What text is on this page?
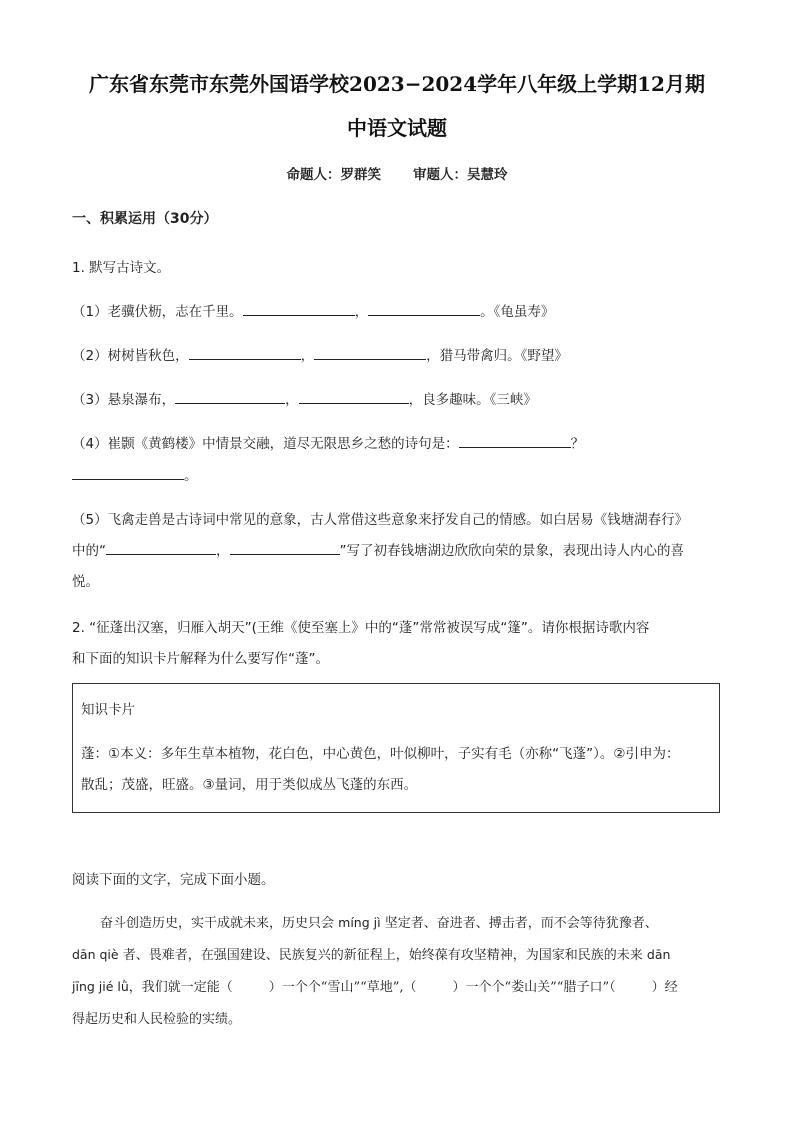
广东省东莞市东莞外国语学校2023−2024学年八年级上学期12月期
中语文试题
命题人：罗群笑 审题人：吴慧玲
一、积累运用（30分）
1. 默写古诗文。
（1）老骥伏枥，志在千里。	，	。《龟虽寿》
（2）树树皆秋色，	，	，猎马带禽归。《野望》
（3）悬泉瀑布，	，	，良多趣味。《三峡》
（4）崔颢《黄鹤楼》中情景交融，道尽无限思乡之愁的诗句是：	？
。
（5）飞禽走兽是古诗词中常见的意象，古人常借这些意象来抒发自己的情感。如白居易《钱塘湖春行》
中的“	，	”写了初春钱塘湖边欣欣向荣的景象，表现出诗人内心的喜
悦。
2. “征蓬出汉塞，归雁入胡天”(王维《使至塞上》中的“蓬”常常被误写成“篷”。请你根据诗歌内容
和下面的知识卡片解释为什么要写作“蓬”。
知识卡片
蓬：①本义：多年生草本植物，花白色，中心黄色，叶似柳叶，子实有毛（亦称“飞蓬”）。②引申为：
散乱；茂盛，旺盛。③量词，用于类似成丛飞蓬的东西。
阅读下面的文字，完成下面小题。
奋斗创造历史，实干成就未来，历史只会 míng jì 坚定者、奋进者、搏击者，而不会等待犹豫者、
dān qiè 者、畏难者，在强国建设、民族复兴的新征程上，始终葆有攻坚精神，为国家和民族的未来 dān
jīng jié lǜ，我们就一定能（	）一个个“雪山”“草地”,（	）一个个“娄山关”“腊子口”（	）经
得起历史和人民检验的实绩。
